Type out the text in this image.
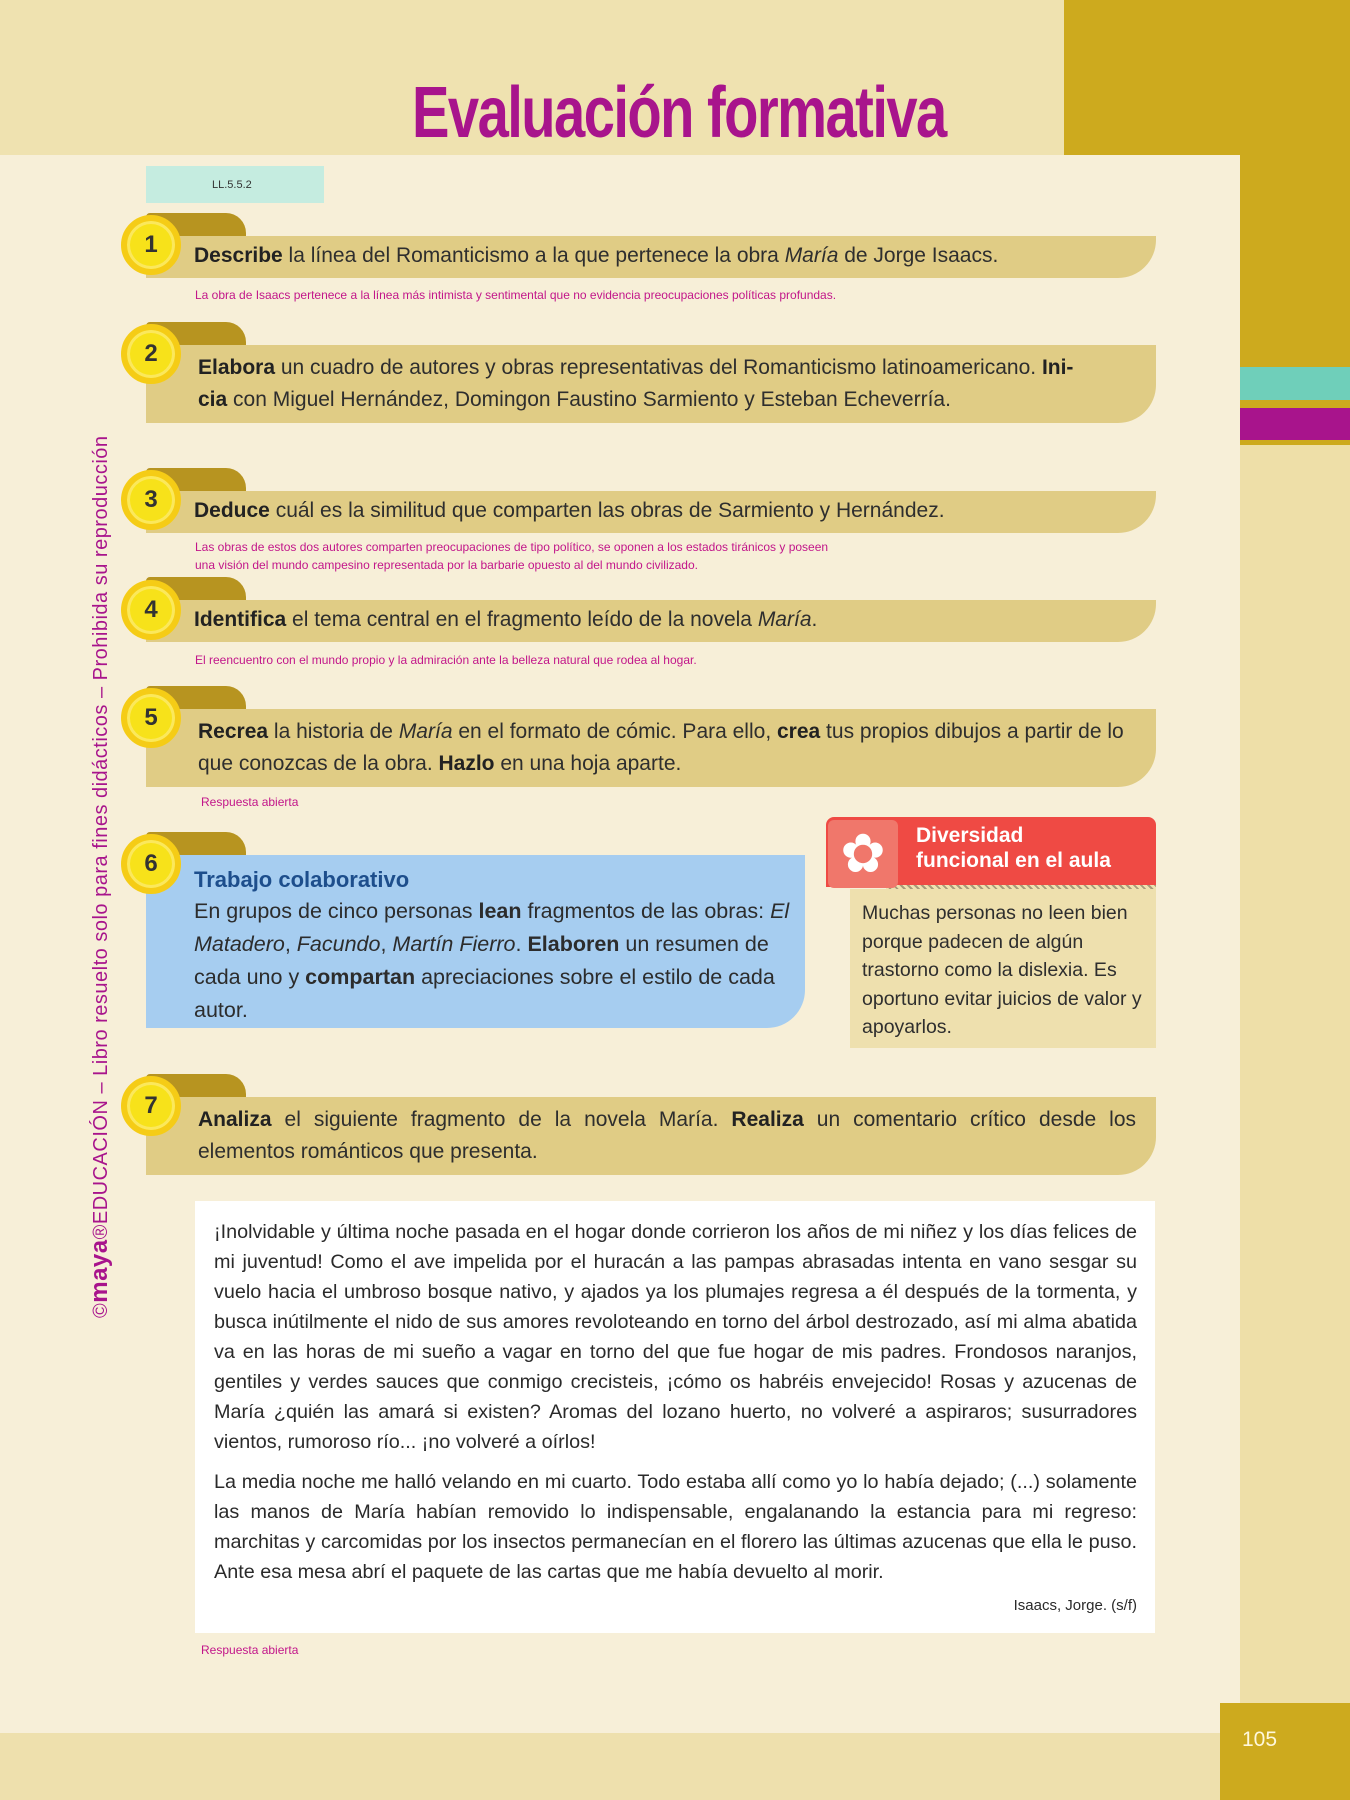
105
Evaluación formativa
LL.5.5.2
©maya®EDUCACIÓN – Libro resuelto solo para fines didácticos – Prohibida su reproducción
Describe la línea del Romanticismo a la que pertenece la obra María de Jorge Isaacs.
1
La obra de Isaacs pertenece a la línea más intimista y sentimental que no evidencia preocupaciones políticas profundas.
Elabora un cuadro de autores y obras representativas del Romanticismo latinoamericano. Ini-
cia con Miguel Hernández, Domingon Faustino Sarmiento y Esteban Echeverría.
2
Deduce cuál es la similitud que comparten las obras de Sarmiento y Hernández.
3
Las obras de estos dos autores comparten preocupaciones de tipo político, se oponen a los estados tiránicos y poseen
una visión del mundo campesino representada por la barbarie opuesto al del mundo civilizado.
Identifica el tema central en el fragmento leído de la novela María.
4
El reencuentro con el mundo propio y la admiración ante la belleza natural que rodea al hogar.
Recrea la historia de María en el formato de cómic. Para ello, crea tus propios dibujos a partir de lo que conozcas de la obra. Hazlo en una hoja aparte.
5
Respuesta abierta
Trabajo colaborativo
En grupos de cinco personas lean fragmentos de las obras: El Matadero, Facundo, Martín Fierro. Elaboren un resumen de cada uno y compartan apreciaciones sobre el estilo de cada autor.
6
Diversidad
funcional en el aula
✿
Muchas personas no leen bien porque padecen de algún trastorno como la dislexia. Es oportuno evitar juicios de valor y apoyarlos.
Analiza el siguiente fragmento de la novela María. Realiza un comentario crítico desde los elementos románticos que presenta.
7

¡Inolvidable y última noche pasada en el hogar donde corrieron los años de mi niñez y los días felices de mi juventud! Como el ave impelida por el huracán a las pampas abrasadas intenta en vano sesgar su vuelo hacia el umbroso bosque nativo, y ajados ya los plumajes regresa a él después de la tormenta, y busca inútilmente el nido de sus amores revoloteando en torno del árbol destrozado, así mi alma abatida va en las horas de mi sueño a vagar en torno del que fue hogar de mis padres. Frondosos naranjos, gentiles y verdes sauces que conmigo crecisteis, ¡cómo os habréis envejecido! Rosas y azucenas de María ¿quién las amará si existen? Aromas del lozano huerto, no volveré a aspiraros; susurradores vientos, rumoroso río... ¡no volveré a oírlos!

La media noche me halló velando en mi cuarto. Todo estaba allí como yo lo había dejado; (...) solamente las manos de María habían removido lo indispensable, engalanando la estancia para mi regreso: marchitas y carcomidas por los insectos permanecían en el florero las últimas azucenas que ella le puso. Ante esa mesa abrí el paquete de las cartas que me había devuelto al morir.

Isaacs, Jorge. (s/f)
Respuesta abierta
